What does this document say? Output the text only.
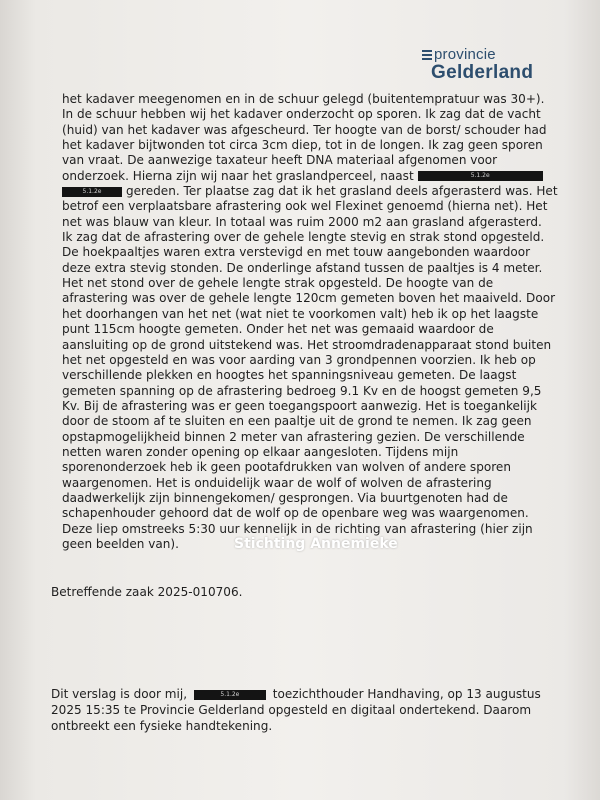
provincie
Gelderland
het kadaver meegenomen en in de schuur gelegd (buitentempratuur was 30+).
In de schuur hebben wij het kadaver onderzocht op sporen. Ik zag dat de vacht
(huid) van het kadaver was afgescheurd. Ter hoogte van de borst/ schouder had
het kadaver bijtwonden tot circa 3cm diep, tot in de longen. Ik zag geen sporen
van vraat. De aanwezige taxateur heeft DNA materiaal afgenomen voor
onderzoek. Hierna zijn wij naar het graslandperceel, naast	5.1.2e
5.1.2e gereden. Ter plaatse zag dat ik het grasland deels afgerasterd was. Het
betrof een verplaatsbare afrastering ook wel Flexinet genoemd (hierna net). Het
net was blauw van kleur. In totaal was ruim 2000 m2 aan grasland afgerasterd.
Ik zag dat de afrastering over de gehele lengte stevig en strak stond opgesteld.
De hoekpaaltjes waren extra verstevigd en met touw aangebonden waardoor
deze extra stevig stonden. De onderlinge afstand tussen de paaltjes is 4 meter.
Het net stond over de gehele lengte strak opgesteld. De hoogte van de
afrastering was over de gehele lengte 120cm gemeten boven het maaiveld. Door
het doorhangen van het net (wat niet te voorkomen valt) heb ik op het laagste
punt 115cm hoogte gemeten. Onder het net was gemaaid waardoor de
aansluiting op de grond uitstekend was. Het stroomdradenapparaat stond buiten
het net opgesteld en was voor aarding van 3 grondpennen voorzien. Ik heb op
verschillende plekken en hoogtes het spanningsniveau gemeten. De laagst
gemeten spanning op de afrastering bedroeg 9.1 Kv en de hoogst gemeten 9,5
Kv. Bij de afrastering was er geen toegangspoort aanwezig. Het is toegankelijk
door de stoom af te sluiten en een paaltje uit de grond te nemen. Ik zag geen
opstapmogelijkheid binnen 2 meter van afrastering gezien. De verschillende
netten waren zonder opening op elkaar aangesloten. Tijdens mijn
sporenonderzoek heb ik geen pootafdrukken van wolven of andere sporen
waargenomen. Het is onduidelijk waar de wolf of wolven de afrastering
daadwerkelijk zijn binnengekomen/ gesprongen. Via buurtgenoten had de
schapenhouder gehoord dat de wolf op de openbare weg was waargenomen.
Deze liep omstreeks 5:30 uur kennelijk in de richting van afrastering (hier zijn
geen beelden van).	Stichting Annemieke
Betreffende zaak 2025-010706.
Dit verslag is door mij,	5.1.2e	toezichthouder Handhaving, op 13 augustus
2025 15:35 te Provincie Gelderland opgesteld en digitaal ondertekend. Daarom
ontbreekt een fysieke handtekening.
